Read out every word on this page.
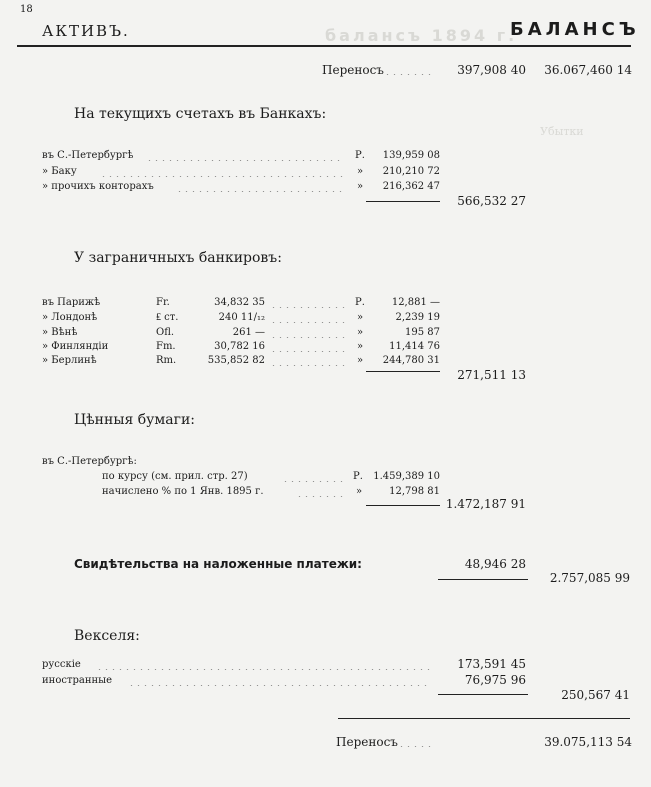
балансъ 1894 г.
Убытки
18
АКТИВЪ.	БАЛАНСЪ
Переносъ	397,908 40	36.067,460 14
На текущихъ счетахъ въ Банкахъ:
въ С.-Петербургѣ	Р.	139,959 08
» Баку	»	210,210 72
» прочихъ конторахъ	»	216,362 47
566,532 27
У заграничныхъ банкировъ:
въ Парижѣ	Fr.	34,832 35	Р.	12,881 —
» Лондонѣ	₤ ст.	240 11/₁₂	»	2,239 19
» Вѣнѣ	Ofl.	261 —	»	195 87
» Финляндіи	Fm.	30,782 16	»	11,414 76
» Берлинѣ	Rm.	535,852 82	»	244,780 31
271,511 13
Цѣнныя бумаги:
въ С.-Петербургѣ:
по курсу (см. прил. стр. 27)	Р.	1.459,389 10
начислено % по 1 Янв. 1895 г.	»	12,798 81
1.472,187 91
Свидѣтельства на наложенные платежи:	48,946 28
2.757,085 99
Векселя:
русскіе	173,591 45
иностранные	76,975 96
250,567 41
Переносъ	39.075,113 54
